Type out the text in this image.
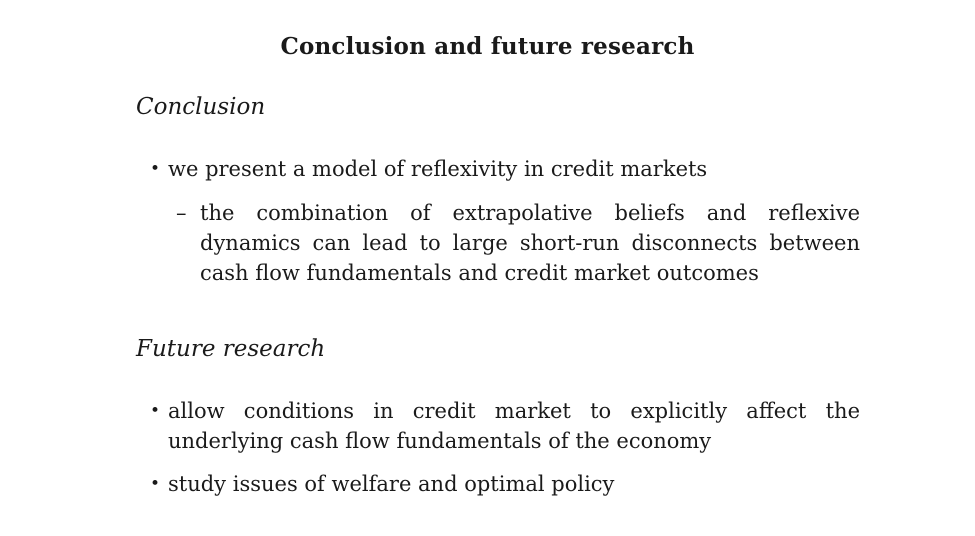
Conclusion and future research
Conclusion
• we present a model of reflexivity in credit markets
– the combination of extrapolative beliefs and reflexive dynamics can lead to large short-run disconnects between cash flow fundamentals and credit market outcomes
Future research
• allow conditions in credit market to explicitly affect the underlying cash flow fundamentals of the economy
• study issues of welfare and optimal policy
